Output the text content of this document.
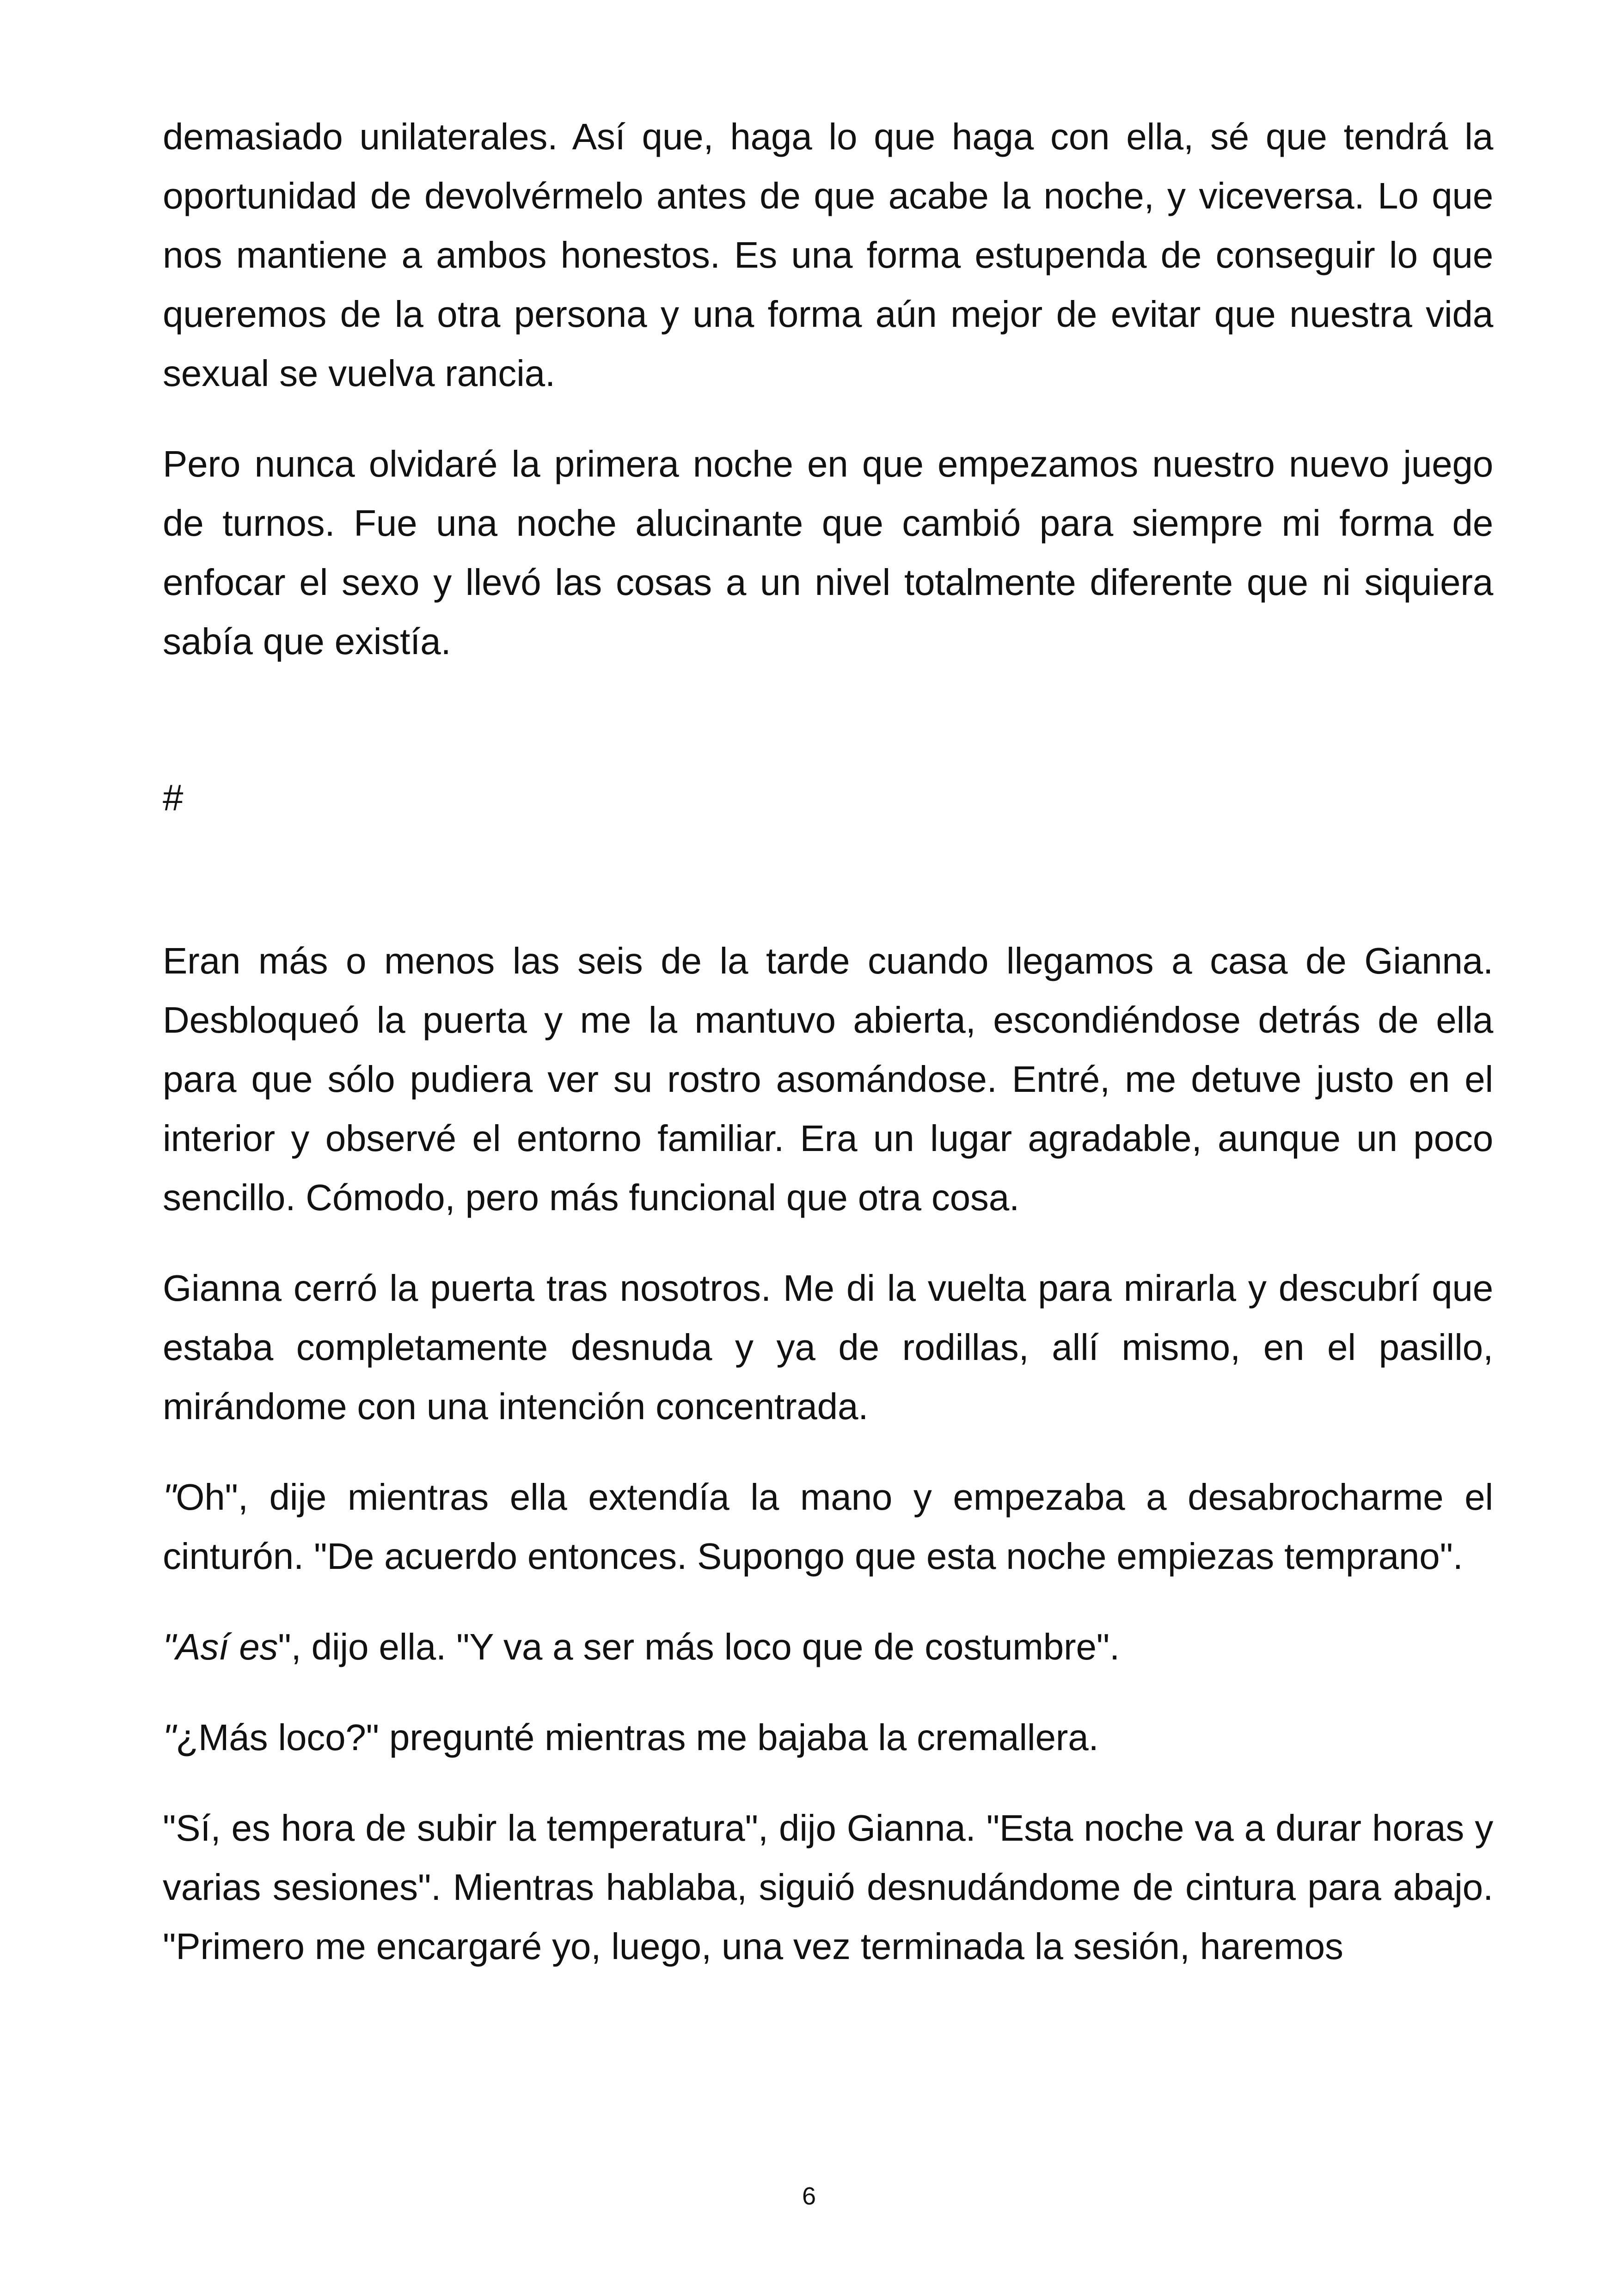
demasiado unilaterales. Así que, haga lo que haga con ella, sé que tendrá la oportunidad de devolvérmelo antes de que acabe la noche, y viceversa. Lo que nos mantiene a ambos honestos. Es una forma estupenda de conseguir lo que queremos de la otra persona y una forma aún mejor de evitar que nuestra vida sexual se vuelva rancia.

Pero nunca olvidaré la primera noche en que empezamos nuestro nuevo juego de turnos. Fue una noche alucinante que cambió para siempre mi forma de enfocar el sexo y llevó las cosas a un nivel totalmente diferente que ni siquiera sabía que existía.

#

Eran más o menos las seis de la tarde cuando llegamos a casa de Gianna. Desbloqueó la puerta y me la mantuvo abierta, escondiéndose detrás de ella para que sólo pudiera ver su rostro asomándose. Entré, me detuve justo en el interior y observé el entorno familiar. Era un lugar agradable, aunque un poco sencillo. Cómodo, pero más funcional que otra cosa.

Gianna cerró la puerta tras nosotros. Me di la vuelta para mirarla y descubrí que estaba completamente desnuda y ya de rodillas, allí mismo, en el pasillo, mirándome con una intención concentrada.

"Oh", dije mientras ella extendía la mano y empezaba a desabrocharme el cinturón. "De acuerdo entonces. Supongo que esta noche empiezas temprano".

"Así es", dijo ella. "Y va a ser más loco que de costumbre".

"¿Más loco?" pregunté mientras me bajaba la cremallera.

"Sí, es hora de subir la temperatura", dijo Gianna. "Esta noche va a durar horas y varias sesiones". Mientras hablaba, siguió desnudándome de cintura para abajo. "Primero me encargaré yo, luego, una vez terminada la sesión, haremos

6
